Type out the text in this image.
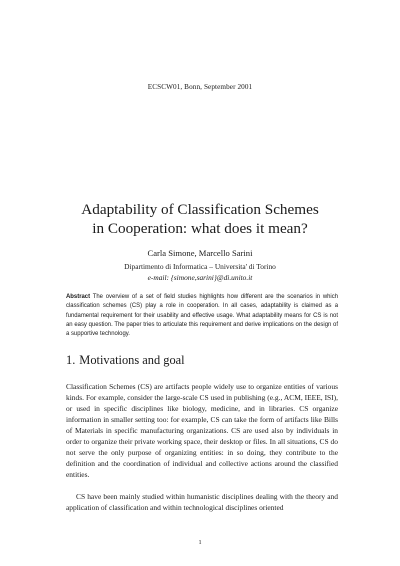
ECSCW01, Bonn, September 2001
Adaptability of Classification Schemes
in Cooperation: what does it mean?
Carla Simone, Marcello Sarini
Dipartimento di Informatica – Universita' di Torino
e-mail: {simone,sarini}@di.unito.it

Abstract The overview of a set of field studies highlights how different are the scenarios in which classification schemes (CS) play a role in cooperation. In all cases, adaptability is claimed as a fundamental requirement for their usability and effective usage. What adaptability means for CS is not an easy question. The paper tries to articulate this requirement and derive implications on the design of a supportive technology.

1. Motivations and goal

Classification Schemes (CS) are artifacts people widely use to organize entities of various kinds. For example, consider the large-scale CS used in publishing (e.g., ACM, IEEE, ISI), or used in specific disciplines like biology, medicine, and in libraries. CS organize information in smaller setting too: for example, CS can take the form of artifacts like Bills of Materials in specific manufacturing organizations. CS are used also by individuals in order to organize their private working space, their desktop or files. In all situations, CS do not serve the only purpose of organizing entities: in so doing, they contribute to the definition and the coordination of individual and collective actions around the classified entities.

CS have been mainly studied within humanistic disciplines dealing with the theory and application of classification and within technological disciplines oriented

1
